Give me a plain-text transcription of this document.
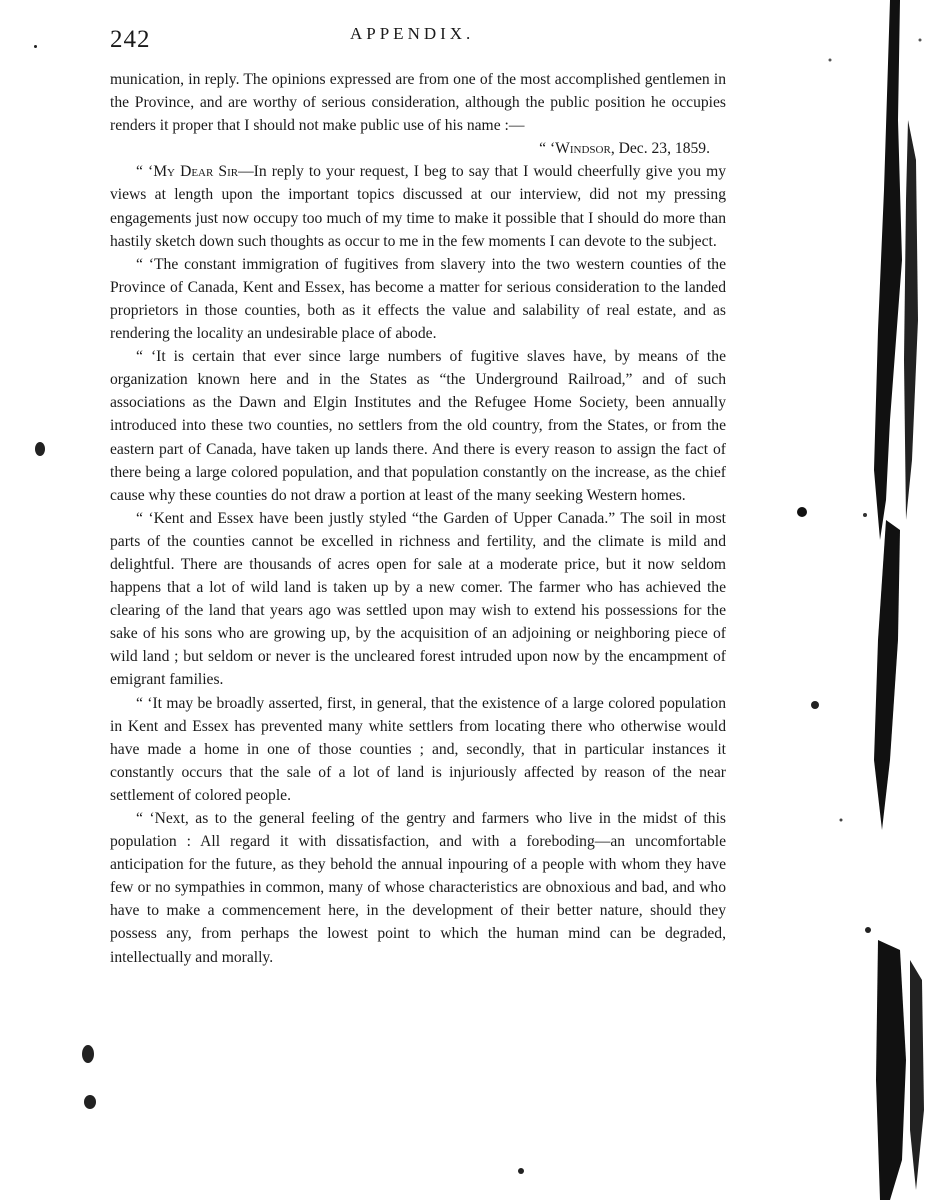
242	APPENDIX.

munication, in reply. The opinions expressed are from one of the most accomplished gentlemen in the Province, and are worthy of serious consideration, although the public position he occupies renders it proper that I should not make public use of his name :—

“ ‘Windsor, Dec. 23, 1859.

“ ‘My Dear Sir—In reply to your request, I beg to say that I would cheerfully give you my views at length upon the important topics discussed at our interview, did not my pressing engagements just now occupy too much of my time to make it possible that I should do more than hastily sketch down such thoughts as occur to me in the few moments I can devote to the subject.

“ ‘The constant immigration of fugitives from slavery into the two western counties of the Province of Canada, Kent and Essex, has become a matter for serious consideration to the landed proprietors in those counties, both as it effects the value and salability of real estate, and as rendering the locality an undesirable place of abode.

“ ‘It is certain that ever since large numbers of fugitive slaves have, by means of the organization known here and in the States as “the Underground Railroad,” and of such associations as the Dawn and Elgin Institutes and the Refugee Home Society, been annually introduced into these two counties, no settlers from the old country, from the States, or from the eastern part of Canada, have taken up lands there. And there is every reason to assign the fact of there being a large colored population, and that population constantly on the increase, as the chief cause why these counties do not draw a portion at least of the many seeking Western homes.

“ ‘Kent and Essex have been justly styled “the Garden of Upper Canada.” The soil in most parts of the counties cannot be excelled in richness and fertility, and the climate is mild and delightful. There are thousands of acres open for sale at a moderate price, but it now seldom happens that a lot of wild land is taken up by a new comer. The farmer who has achieved the clearing of the land that years ago was settled upon may wish to extend his possessions for the sake of his sons who are growing up, by the acquisition of an adjoining or neighboring piece of wild land ; but seldom or never is the uncleared forest intruded upon now by the encampment of emigrant families.

“ ‘It may be broadly asserted, first, in general, that the existence of a large colored population in Kent and Essex has prevented many white settlers from locating there who otherwise would have made a home in one of those counties ; and, secondly, that in particular instances it constantly occurs that the sale of a lot of land is injuriously affected by reason of the near settlement of colored people.

“ ‘Next, as to the general feeling of the gentry and farmers who live in the midst of this population : All regard it with dissatisfaction, and with a foreboding—an uncomfortable anticipation for the future, as they behold the annual inpouring of a people with whom they have few or no sympathies in common, many of whose characteristics are obnoxious and bad, and who have to make a commencement here, in the development of their better nature, should they possess any, from perhaps the lowest point to which the human mind can be degraded, intellectually and morally.
